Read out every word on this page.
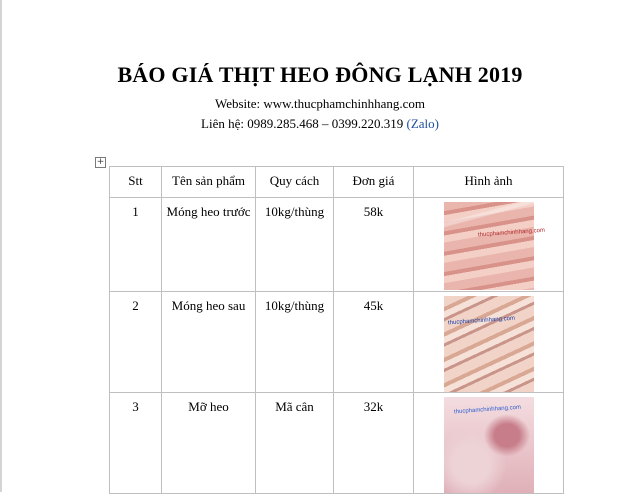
BÁO GIÁ THỊT HEO ĐÔNG LẠNH 2019
Website: www.thucphamchinhhang.com
Liên hệ: 0989.285.468 – 0399.220.319 (Zalo)
+
Stt	Tên sản phẩm	Quy cách	Đơn giá	Hình ảnh

1	Móng heo trước	10kg/thùng	58k	thucphamchinhhang.com

2	Móng heo sau	10kg/thùng	45k	thucphamchinhhang.com

3	Mỡ heo	Mã cân	32k	thucphamchinhhang.com
